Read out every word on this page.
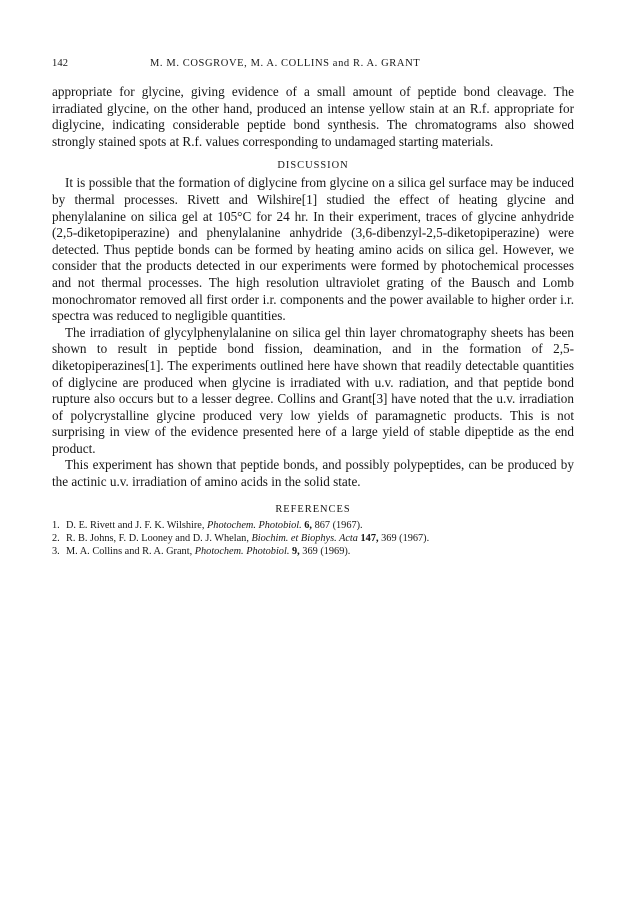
142	M. M. COSGROVE, M. A. COLLINS and R. A. GRANT

appropriate for glycine, giving evidence of a small amount of peptide bond cleavage. The irradiated glycine, on the other hand, produced an intense yellow stain at an R.f. appropriate for diglycine, indicating considerable peptide bond synthesis. The chromatograms also showed strongly stained spots at R.f. values corresponding to undamaged starting materials.

DISCUSSION

It is possible that the formation of diglycine from glycine on a silica gel surface may be induced by thermal processes. Rivett and Wilshire[1] studied the effect of heating glycine and phenylalanine on silica gel at 105°C for 24 hr. In their experiment, traces of glycine anhydride (2,5-diketopiperazine) and phenylalanine anhydride (3,6-dibenzyl-2,5-diketopiperazine) were detected. Thus peptide bonds can be formed by heating amino acids on silica gel. However, we consider that the products detected in our experiments were formed by photochemical processes and not thermal processes. The high resolution ultraviolet grating of the Bausch and Lomb monochromator removed all first order i.r. components and the power available to higher order i.r. spectra was reduced to negligible quantities.

The irradiation of glycylphenylalanine on silica gel thin layer chromatography sheets has been shown to result in peptide bond fission, deamination, and in the formation of 2,5-diketopiperazines[1]. The experiments outlined here have shown that readily detectable quantities of diglycine are produced when glycine is irradiated with u.v. radiation, and that peptide bond rupture also occurs but to a lesser degree. Collins and Grant[3] have noted that the u.v. irradiation of polycrystalline glycine produced very low yields of paramagnetic products. This is not surprising in view of the evidence presented here of a large yield of stable dipeptide as the end product.

This experiment has shown that peptide bonds, and possibly polypeptides, can be produced by the actinic u.v. irradiation of amino acids in the solid state.

REFERENCES
1. D. E. Rivett and J. F. K. Wilshire, Photochem. Photobiol. 6, 867 (1967).
2. R. B. Johns, F. D. Looney and D. J. Whelan, Biochim. et Biophys. Acta 147, 369 (1967).
3. M. A. Collins and R. A. Grant, Photochem. Photobiol. 9, 369 (1969).
